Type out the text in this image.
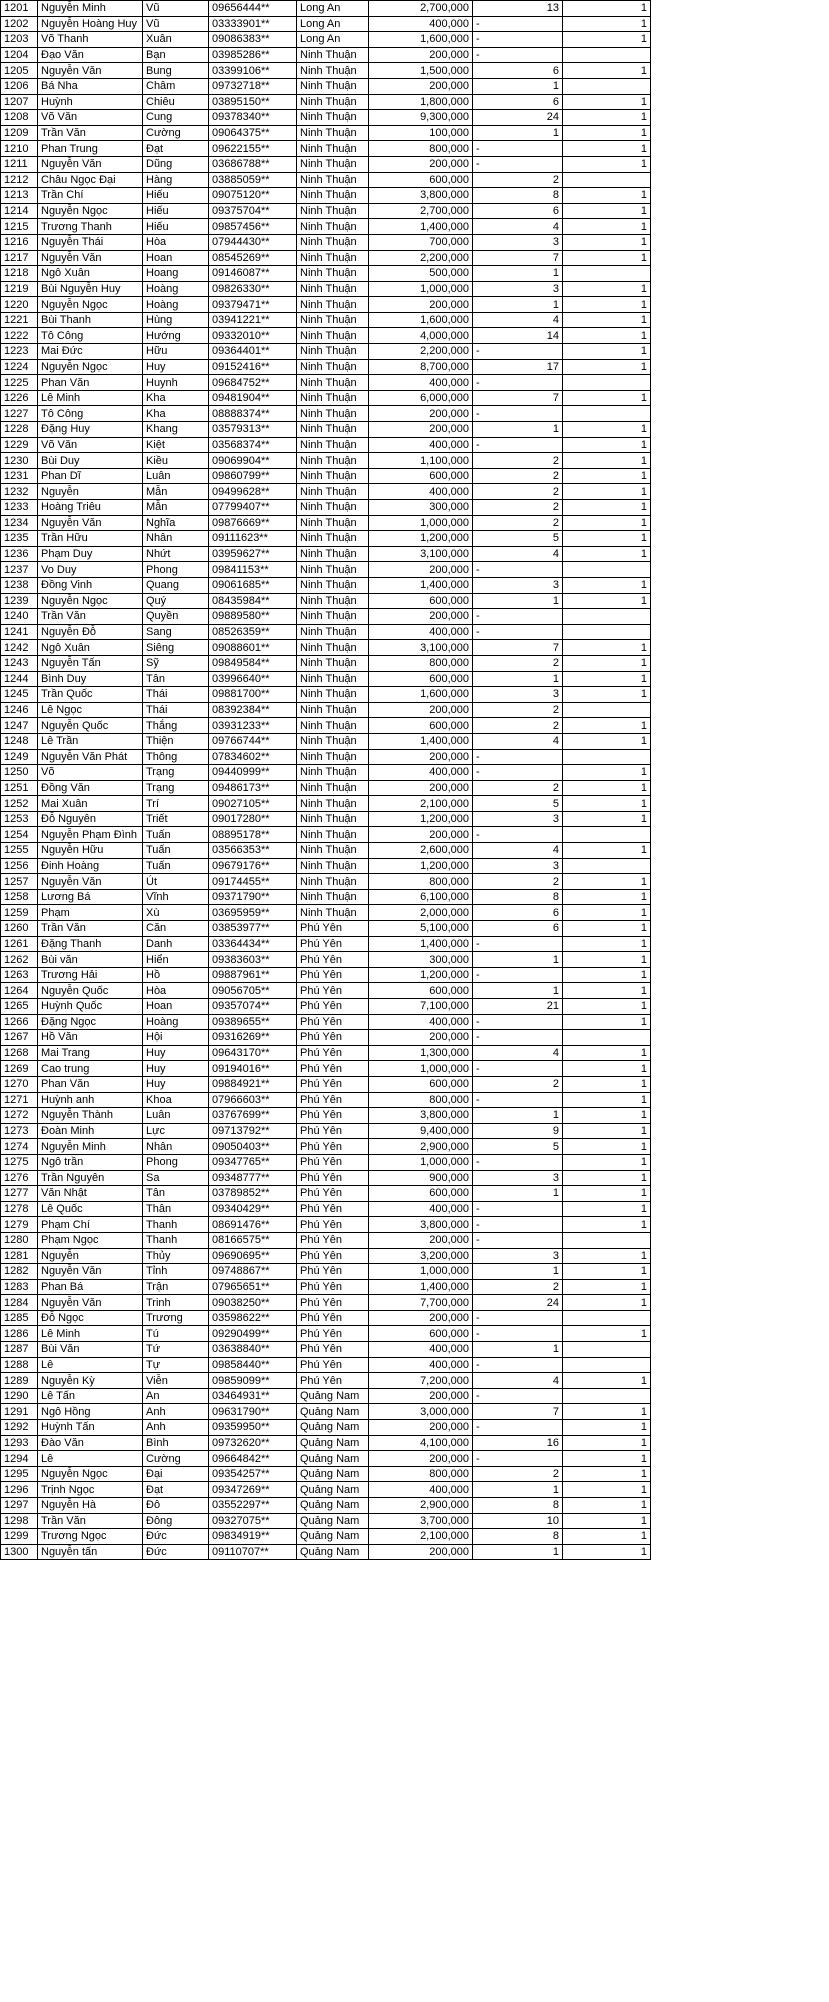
1201	Nguyễn Minh	Vũ	09656444**	Long An	2,700,000	13	1
1202	Nguyễn Hoàng Huy	Vũ	03333901**	Long An	400,000	-	1
1203	Võ Thanh	Xuân	09086383**	Long An	1,600,000	-	1
1204	Đạo Văn	Bạn	03985286**	Ninh Thuận	200,000	-	
1205	Nguyễn Văn	Bung	03399106**	Ninh Thuận	1,500,000	6	1
1206	Bá Nha	Châm	09732718**	Ninh Thuận	200,000	1	
1207	Huỳnh	Chiêu	03895150**	Ninh Thuận	1,800,000	6	1
1208	Võ Văn	Cung	09378340**	Ninh Thuận	9,300,000	24	1
1209	Trần Văn	Cường	09064375**	Ninh Thuận	100,000	1	1
1210	Phan Trung	Đạt	09622155**	Ninh Thuận	800,000	-	1
1211	Nguyễn Văn	Dũng	03686788**	Ninh Thuận	200,000	-	1
1212	Châu Ngọc Đại	Hàng	03885059**	Ninh Thuận	600,000	2	
1213	Trần Chí	Hiếu	09075120**	Ninh Thuận	3,800,000	8	1
1214	Nguyễn Ngọc	Hiếu	09375704**	Ninh Thuận	2,700,000	6	1
1215	Trương Thanh	Hiếu	09857456**	Ninh Thuận	1,400,000	4	1
1216	Nguyễn Thái	Hòa	07944430**	Ninh Thuận	700,000	3	1
1217	Nguyễn Văn	Hoan	08545269**	Ninh Thuận	2,200,000	7	1
1218	Ngô Xuân	Hoang	09146087**	Ninh Thuận	500,000	1	
1219	Bùi Nguyễn Huy	Hoàng	09826330**	Ninh Thuận	1,000,000	3	1
1220	Nguyễn Ngọc	Hoàng	09379471**	Ninh Thuận	200,000	1	1
1221	Bùi Thanh	Hùng	03941221**	Ninh Thuận	1,600,000	4	1
1222	Tô Công	Hướng	09332010**	Ninh Thuận	4,000,000	14	1
1223	Mai Đức	Hữu	09364401**	Ninh Thuận	2,200,000	-	1
1224	Nguyễn Ngọc	Huy	09152416**	Ninh Thuận	8,700,000	17	1
1225	Phan Văn	Huynh	09684752**	Ninh Thuận	400,000	-	
1226	Lê Minh	Kha	09481904**	Ninh Thuận	6,000,000	7	1
1227	Tô Công	Kha	08888374**	Ninh Thuận	200,000	-	
1228	Đặng Huy	Khang	03579313**	Ninh Thuận	200,000	1	1
1229	Võ Văn	Kiệt	03568374**	Ninh Thuận	400,000	-	1
1230	Bùi Duy	Kiều	09069904**	Ninh Thuận	1,100,000	2	1
1231	Phan Dĩ	Luân	09860799**	Ninh Thuận	600,000	2	1
1232	Nguyễn	Mẫn	09499628**	Ninh Thuận	400,000	2	1
1233	Hoàng Triêu	Mẫn	07799407**	Ninh Thuận	300,000	2	1
1234	Nguyễn Văn	Nghĩa	09876669**	Ninh Thuận	1,000,000	2	1
1235	Trần Hữu	Nhân	09111623**	Ninh Thuận	1,200,000	5	1
1236	Phạm Duy	Nhứt	03959627**	Ninh Thuận	3,100,000	4	1
1237	Vo Duy	Phong	09841153**	Ninh Thuận	200,000	-	
1238	Đồng Vinh	Quang	09061685**	Ninh Thuận	1,400,000	3	1
1239	Nguyễn Ngọc	Quý	08435984**	Ninh Thuận	600,000	1	1
1240	Trần Văn	Quyền	09889580**	Ninh Thuận	200,000	-	
1241	Nguyễn Đỗ	Sang	08526359**	Ninh Thuận	400,000	-	
1242	Ngô Xuân	Siêng	09088601**	Ninh Thuận	3,100,000	7	1
1243	Nguyễn Tấn	Sỹ	09849584**	Ninh Thuận	800,000	2	1
1244	Bình Duy	Tân	03996640**	Ninh Thuận	600,000	1	1
1245	Trần Quốc	Thái	09881700**	Ninh Thuận	1,600,000	3	1
1246	Lê Ngọc	Thái	08392384**	Ninh Thuận	200,000	2	
1247	Nguyễn Quốc	Thắng	03931233**	Ninh Thuận	600,000	2	1
1248	Lê Trần	Thiện	09766744**	Ninh Thuận	1,400,000	4	1
1249	Nguyễn Văn Phát	Thông	07834602**	Ninh Thuận	200,000	-	
1250	Võ	Trạng	09440999**	Ninh Thuận	400,000	-	1
1251	Đồng Văn	Trạng	09486173**	Ninh Thuận	200,000	2	1
1252	Mai Xuân	Trí	09027105**	Ninh Thuận	2,100,000	5	1
1253	Đỗ Nguyên	Triết	09017280**	Ninh Thuận	1,200,000	3	1
1254	Nguyễn Phạm Đình	Tuấn	08895178**	Ninh Thuận	200,000	-	
1255	Nguyễn Hữu	Tuấn	03566353**	Ninh Thuận	2,600,000	4	1
1256	Đinh Hoàng	Tuấn	09679176**	Ninh Thuận	1,200,000	3	
1257	Nguyễn Văn	Út	09174455**	Ninh Thuận	800,000	2	1
1258	Lương Bá	Vĩnh	09371790**	Ninh Thuận	6,100,000	8	1
1259	Phạm	Xù	03695959**	Ninh Thuận	2,000,000	6	1
1260	Trần Văn	Căn	03853977**	Phú Yên	5,100,000	6	1
1261	Đặng Thanh	Danh	03364434**	Phú Yên	1,400,000	-	1
1262	Bùi văn	Hiển	09383603**	Phú Yên	300,000	1	1
1263	Trương Hải	Hồ	09887961**	Phú Yên	1,200,000	-	1
1264	Nguyễn Quốc	Hòa	09056705**	Phú Yên	600,000	1	1
1265	Huỳnh Quốc	Hoan	09357074**	Phú Yên	7,100,000	21	1
1266	Đặng Ngọc	Hoàng	09389655**	Phú Yên	400,000	-	1
1267	Hồ Văn	Hội	09316269**	Phú Yên	200,000	-	
1268	Mai Trang	Huy	09643170**	Phú Yên	1,300,000	4	1
1269	Cao trung	Huy	09194016**	Phú Yên	1,000,000	-	1
1270	Phan Văn	Huy	09884921**	Phú Yên	600,000	2	1
1271	Huỳnh anh	Khoa	07966603**	Phú Yên	800,000	-	1
1272	Nguyễn Thành	Luân	03767699**	Phú Yên	3,800,000	1	1
1273	Đoàn Minh	Lực	09713792**	Phú Yên	9,400,000	9	1
1274	Nguyễn Minh	Nhân	09050403**	Phú Yên	2,900,000	5	1
1275	Ngô trần	Phong	09347765**	Phú Yên	1,000,000	-	1
1276	Trần Nguyên	Sa	09348777**	Phú Yên	900,000	3	1
1277	Văn Nhật	Tân	03789852**	Phú Yên	600,000	1	1
1278	Lê Quốc	Thân	09340429**	Phú Yên	400,000	-	1
1279	Phạm Chí	Thanh	08691476**	Phú Yên	3,800,000	-	1
1280	Phạm Ngọc	Thanh	08166575**	Phú Yên	200,000	-	
1281	Nguyễn	Thủy	09690695**	Phú Yên	3,200,000	3	1
1282	Nguyễn Văn	Tỉnh	09748867**	Phú Yên	1,000,000	1	1
1283	Phan Bá	Trận	07965651**	Phú Yên	1,400,000	2	1
1284	Nguyễn Văn	Trinh	09038250**	Phú Yên	7,700,000	24	1
1285	Đỗ Ngọc	Trương	03598622**	Phú Yên	200,000	-	
1286	Lê Minh	Tú	09290499**	Phú Yên	600,000	-	1
1287	Bùi Văn	Tứ	03638840**	Phú Yên	400,000	1	
1288	Lê	Tự	09858440**	Phú Yên	400,000	-	
1289	Nguyễn Kỳ	Viễn	09859099**	Phú Yên	7,200,000	4	1
1290	Lê Tấn	An	03464931**	Quảng Nam	200,000	-	
1291	Ngô Hồng	Anh	09631790**	Quảng Nam	3,000,000	7	1
1292	Huỳnh Tấn	Anh	09359950**	Quảng Nam	200,000	-	1
1293	Đào Văn	Bình	09732620**	Quảng Nam	4,100,000	16	1
1294	Lê	Cường	09664842**	Quảng Nam	200,000	-	1
1295	Nguyễn Ngọc	Đại	09354257**	Quảng Nam	800,000	2	1
1296	Trịnh Ngọc	Đạt	09347269**	Quảng Nam	400,000	1	1
1297	Nguyễn Hà	Đô	03552297**	Quảng Nam	2,900,000	8	1
1298	Trần Văn	Đông	09327075**	Quảng Nam	3,700,000	10	1
1299	Trương Ngọc	Đức	09834919**	Quảng Nam	2,100,000	8	1
1300	Nguyễn tấn	Đức	09110707**	Quảng Nam	200,000	1	1
